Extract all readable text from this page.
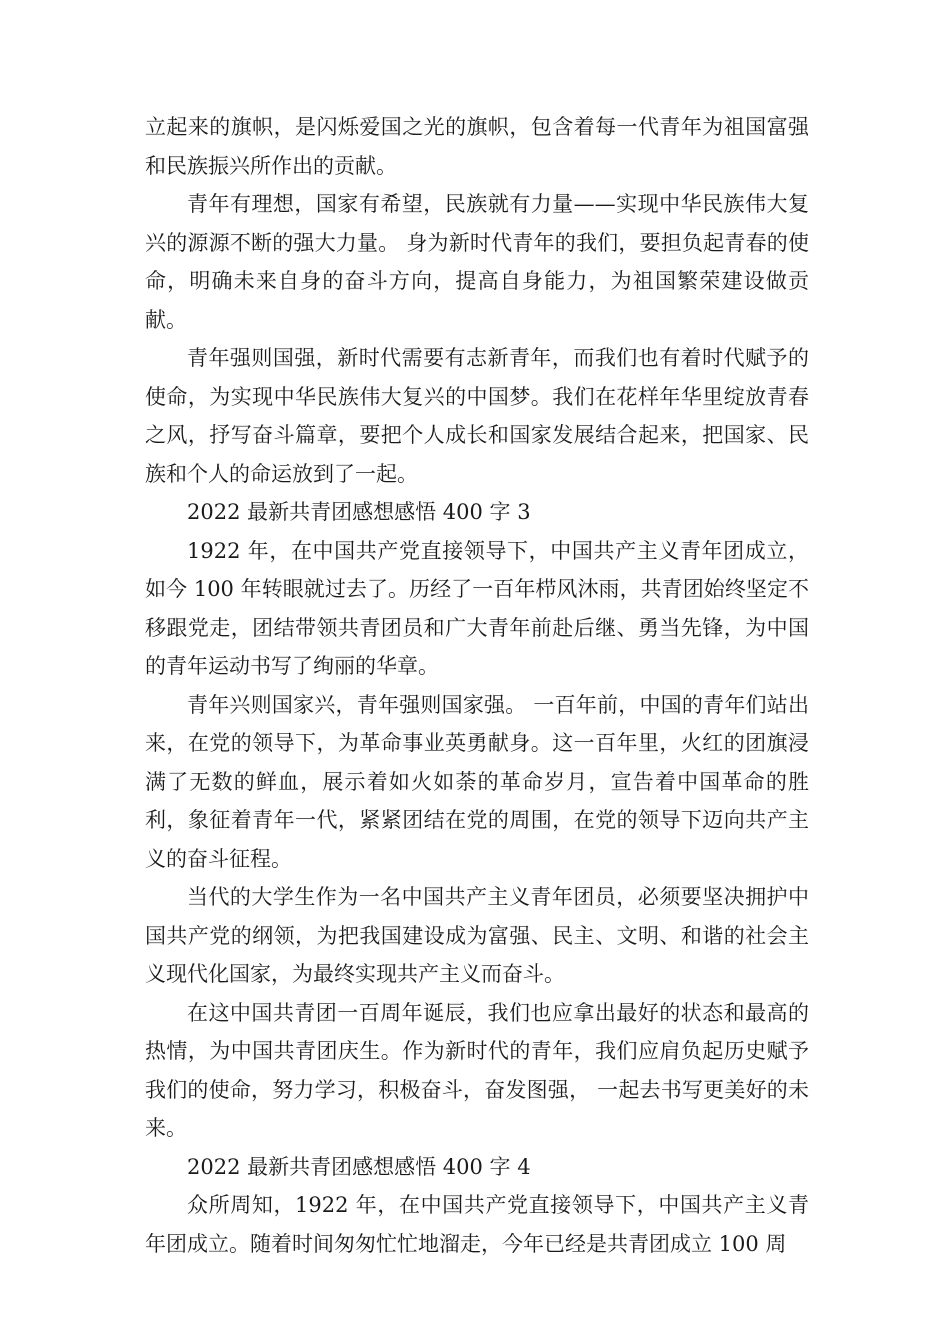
立起来的旗帜，是闪烁爱国之光的旗帜，包含着每一代青年为祖国富强和民族振兴所作出的贡献。

青年有理想，国家有希望，民族就有力量——实现中华民族伟大复兴的源源不断的强大力量。 身为新时代青年的我们，要担负起青春的使命，明确未来自身的奋斗方向，提高自身能力，为祖国繁荣建设做贡献。

青年强则国强，新时代需要有志新青年，而我们也有着时代赋予的使命，为实现中华民族伟大复兴的中国梦。我们在花样年华里绽放青春之风，抒写奋斗篇章，要把个人成长和国家发展结合起来，把国家、民族和个人的命运放到了一起。

2022 最新共青团感想感悟 400 字 3

1922 年，在中国共产党直接领导下，中国共产主义青年团成立，如今 100 年转眼就过去了。历经了一百年栉风沐雨，共青团始终坚定不移跟党走，团结带领共青团员和广大青年前赴后继、勇当先锋，为中国的青年运动书写了绚丽的华章。

青年兴则国家兴，青年强则国家强。 一百年前，中国的青年们站出来，在党的领导下，为革命事业英勇献身。这一百年里，火红的团旗浸满了无数的鲜血，展示着如火如荼的革命岁月，宣告着中国革命的胜利，象征着青年一代，紧紧团结在党的周围，在党的领导下迈向共产主义的奋斗征程。

当代的大学生作为一名中国共产主义青年团员，必须要坚决拥护中国共产党的纲领，为把我国建设成为富强、民主、文明、和谐的社会主义现代化国家，为最终实现共产主义而奋斗。

在这中国共青团一百周年诞辰，我们也应拿出最好的状态和最高的热情，为中国共青团庆生。作为新时代的青年，我们应肩负起历史赋予我们的使命，努力学习，积极奋斗，奋发图强， 一起去书写更美好的未来。

2022 最新共青团感想感悟 400 字 4

众所周知，1922 年，在中国共产党直接领导下，中国共产主义青年团成立。随着时间匆匆忙忙地溜走，今年已经是共青团成立 100 周
